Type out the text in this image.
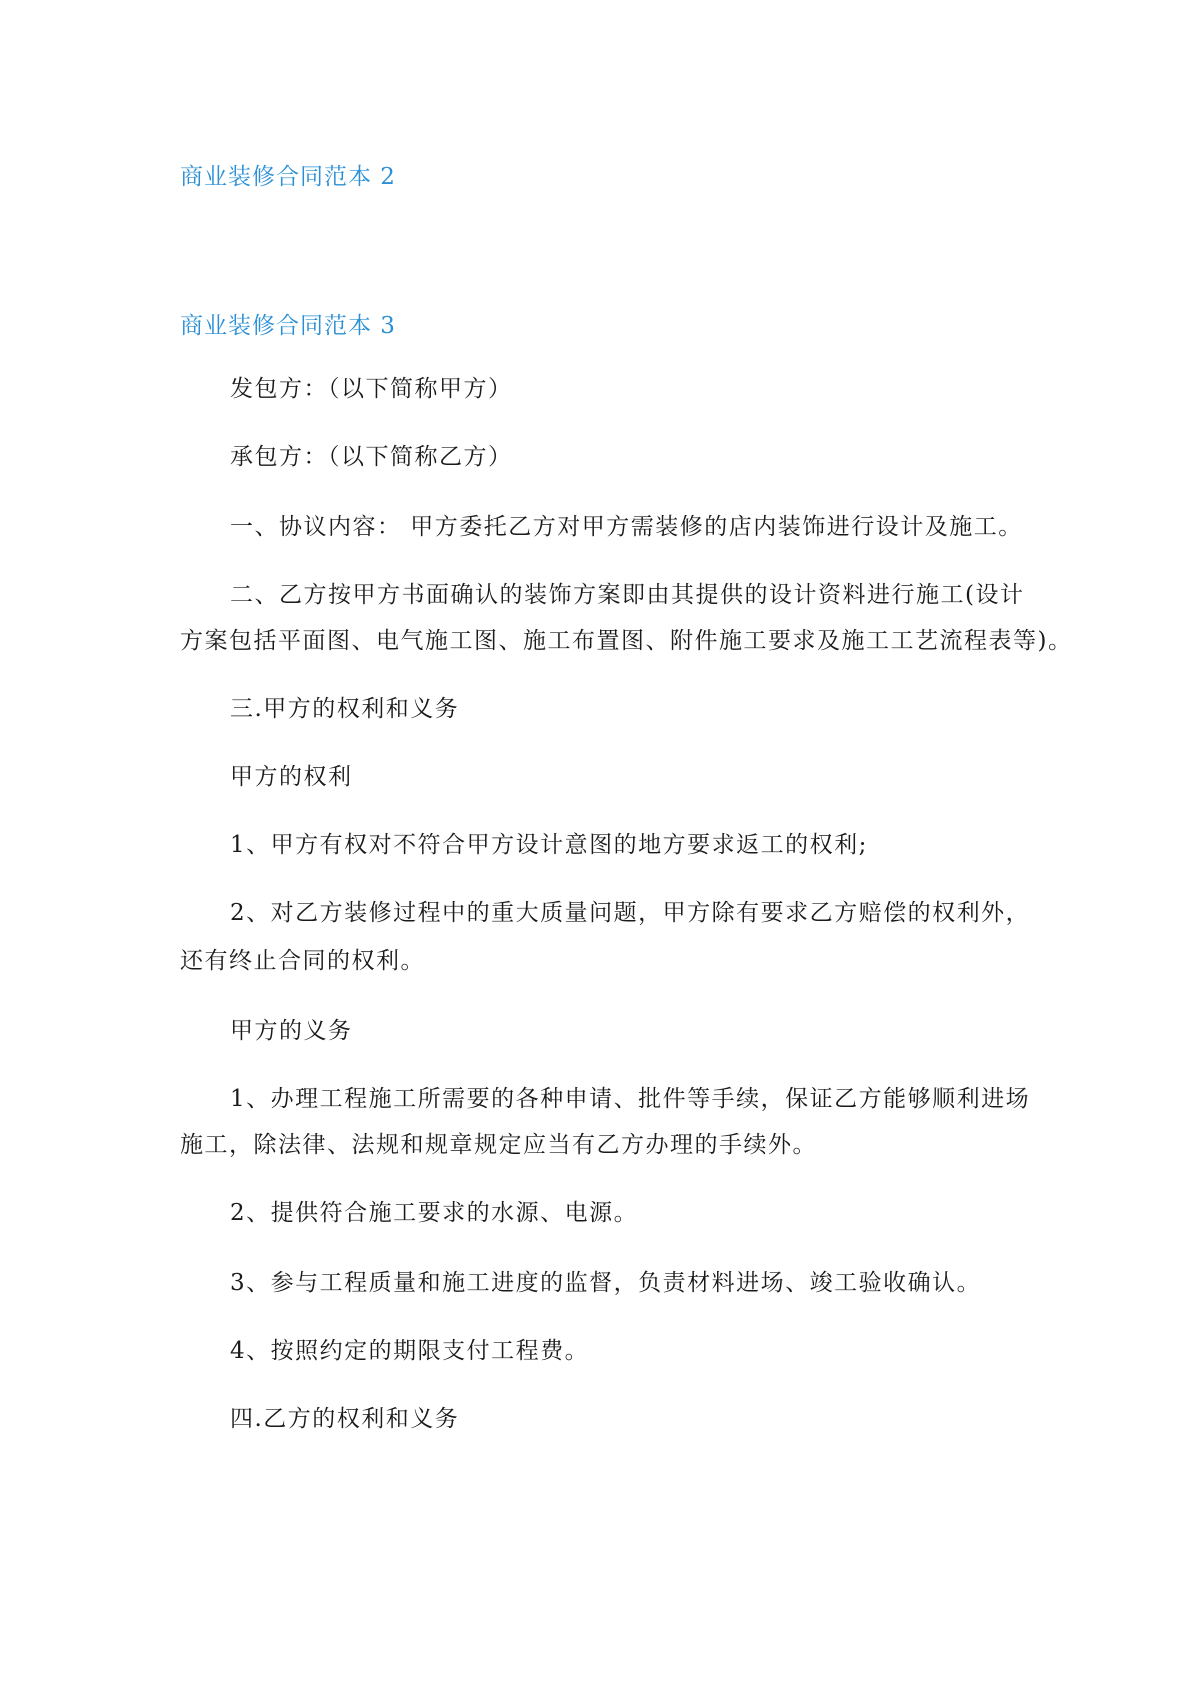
商业装修合同范本 2
商业装修合同范本 3
发包方：（以下简称甲方）
承包方：（以下简称乙方）
一、协议内容： 甲方委托乙方对甲方需装修的店内装饰进行设计及施工。
二、乙方按甲方书面确认的装饰方案即由其提供的设计资料进行施工(设计
方案包括平面图、电气施工图、施工布置图、附件施工要求及施工工艺流程表等)。
三.甲方的权利和义务
甲方的权利
1、甲方有权对不符合甲方设计意图的地方要求返工的权利;
2、对乙方装修过程中的重大质量问题，甲方除有要求乙方赔偿的权利外，
还有终止合同的权利。
甲方的义务
1、办理工程施工所需要的各种申请、批件等手续，保证乙方能够顺利进场
施工，除法律、法规和规章规定应当有乙方办理的手续外。
2、提供符合施工要求的水源、电源。
3、参与工程质量和施工进度的监督，负责材料进场、竣工验收确认。
4、按照约定的期限支付工程费。
四.乙方的权利和义务
